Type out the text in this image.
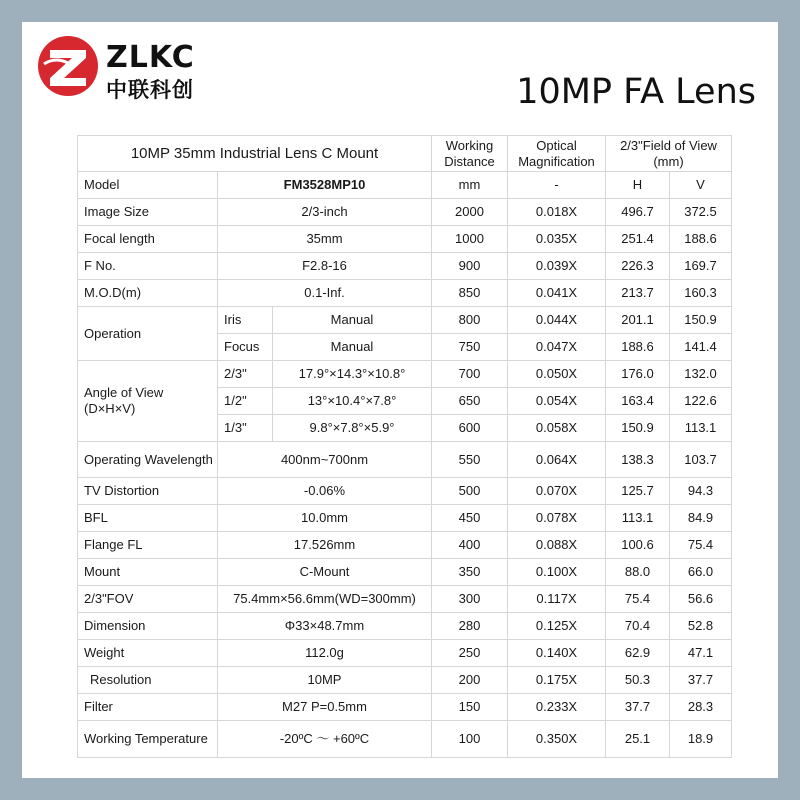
ZLKC
中联科创	10MP FA Lens
10MP 35mm Industrial Lens C Mount			Working Distance	Optical Magnification	2/3"Field of View (mm)	
Model	FM3528MP10		mm	-	H	V
Image Size	2/3-inch		2000	0.018X	496.7	372.5
Focal length	35mm		1000	0.035X	251.4	188.6
F No.	F2.8-16		900	0.039X	226.3	169.7
M.O.D(m)	0.1-Inf.		850	0.041X	213.7	160.3
Operation	Iris	Manual	800	0.044X	201.1	150.9
	Focus	Manual	750	0.047X	188.6	141.4
Angle of View (D×H×V)	2/3"	17.9°×14.3°×10.8°	700	0.050X	176.0	132.0
	1/2"	13°×10.4°×7.8°	650	0.054X	163.4	122.6
	1/3"	9.8°×7.8°×5.9°	600	0.058X	150.9	113.1
Operating Wavelength	400nm~700nm		550	0.064X	138.3	103.7
TV Distortion	-0.06%		500	0.070X	125.7	94.3
BFL	10.0mm		450	0.078X	113.1	84.9
Flange FL	17.526mm		400	0.088X	100.6	75.4
Mount	C-Mount		350	0.100X	88.0	66.0
2/3"FOV	75.4mm×56.6mm(WD=300mm)		300	0.117X	75.4	56.6
Dimension	Φ33×48.7mm		280	0.125X	70.4	52.8
Weight	112.0g		250	0.140X	62.9	47.1
Resolution	10MP		200	0.175X	50.3	37.7
Filter	M27 P=0.5mm		150	0.233X	37.7	28.3
Working Temperature	-20ºC ～ +60ºC		100	0.350X	25.1	18.9
